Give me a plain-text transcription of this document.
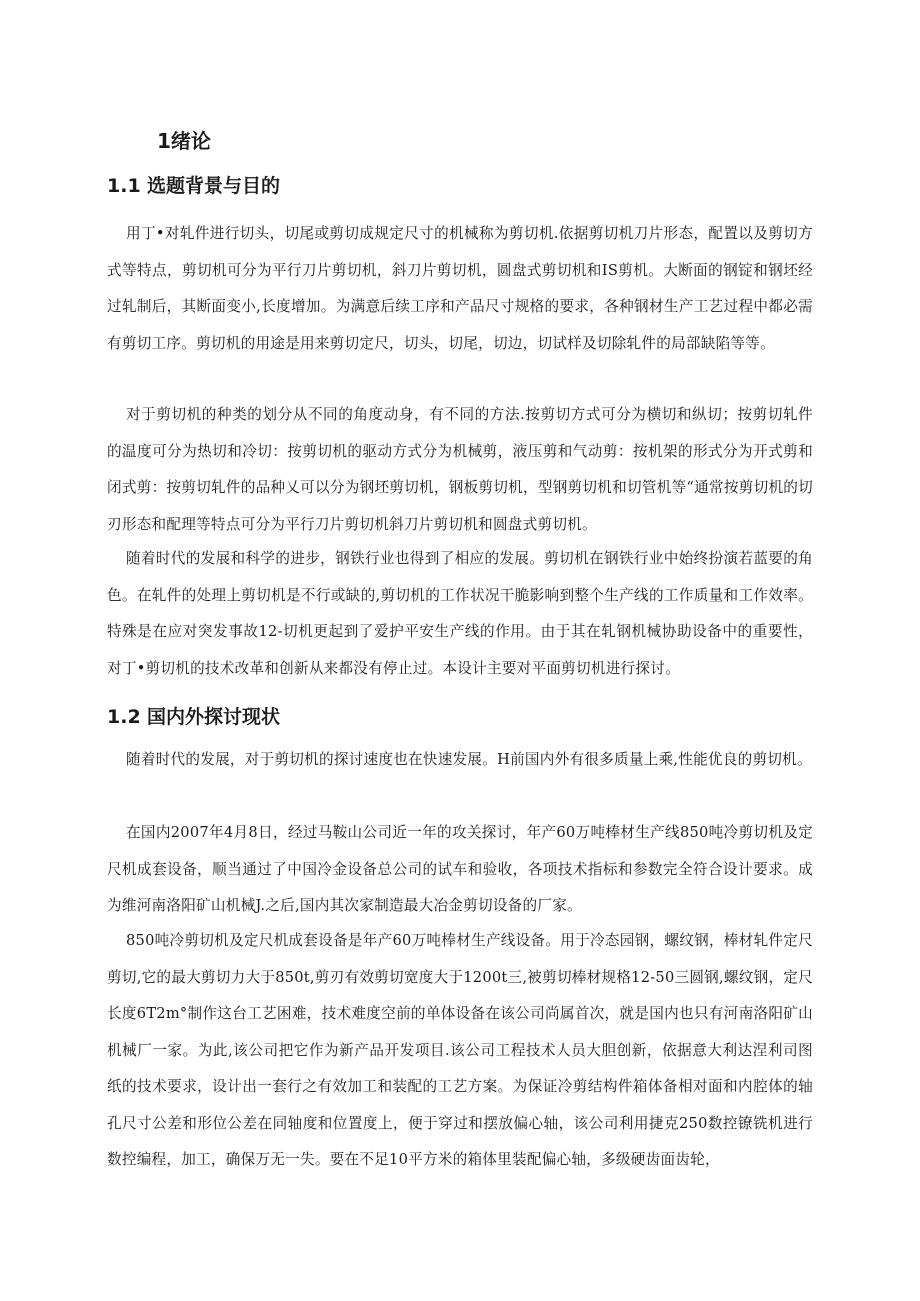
1绪论
1.1 选题背景与目的

用丁•对轧件进行切头，切尾或剪切成规定尺寸的机械称为剪切机.依据剪切机刀片形态，配置以及剪切方式等特点，剪切机可分为平行刀片剪切机，斜刀片剪切机，圆盘式剪切机和IS剪机。大断面的钢锭和钢坯经过轧制后，其断面变小,长度增加。为满意后续工序和产品尺寸规格的要求，各种钢材生产工艺过程中都必需有剪切工序。剪切机的用途是用来剪切定尺，切头，切尾，切边，切试样及切除轧件的局部缺陷等等。

对于剪切机的种类的划分从不同的角度动身，有不同的方法.按剪切方式可分为横切和纵切；按剪切轧件的温度可分为热切和冷切：按剪切机的驱动方式分为机械剪，液压剪和气动剪：按机架的形式分为开式剪和闭式剪：按剪切轧件的品种乂可以分为钢坯剪切机，钢板剪切机，型钢剪切机和切管机等“通常按剪切机的切刃形态和配理等特点可分为平行刀片剪切机斜刀片剪切机和圆盘式剪切机。

随着时代的发展和科学的进步，钢铁行业也得到了相应的发展。剪切机在钢铁行业中始终扮演若蓝要的角色。在轧件的处理上剪切机是不行或缺的,剪切机的工作状况干脆影响到整个生产线的工作质量和工作效率。特殊是在应对突发事故12-切机更起到了爱护平安生产线的作用。由于其在轧钢机械协助设备中的重要性，对丁•剪切机的技术改革和创新从来都没有停止过。本设计主要对平面剪切机进行探讨。

1.2 国内外探讨现状

随着时代的发展，对于剪切机的探讨速度也在快速发展。H前国内外有很多质量上乘,性能优良的剪切机。

在国内2007年4月8日，经过马鞍山公司近一年的攻关探讨，年产60万吨棒材生产线850吨冷剪切机及定尺机成套设备，顺当通过了中国冷金设备总公司的试车和验收，各项技术指标和参数完全符合设计要求。成为维河南洛阳矿山机械J.之后,国内其次家制造最大冶金剪切设备的厂家。

850吨冷剪切机及定尺机成套设备是年产60万吨棒材生产线设备。用于冷态园钢，螺纹钢，棒材轧件定尺剪切,它的最大剪切力大于850t,剪刃有效剪切宽度大于1200t三,被剪切棒材规格12-50三圆钢,螺纹钢，定尺长度6T2m°制作这台工艺困难，技术难度空前的单体设备在该公司尚属首次，就是国内也只有河南洛阳矿山机械厂一家。为此,该公司把它作为新产品开发项目.该公司工程技术人员大胆创新，依据意大利达涅利司图纸的技术要求，设计出一套行之有效加工和装配的工艺方案。为保证冷剪结构件箱体备相对面和内腔体的轴孔尺寸公差和形位公差在同轴度和位置度上，便于穿过和摆放偏心轴，该公司利用捷克250数控镣铣机进行数控编程，加工，确保万无一失。要在不足10平方米的箱体里装配偏心轴，多级硬齿面齿轮，
